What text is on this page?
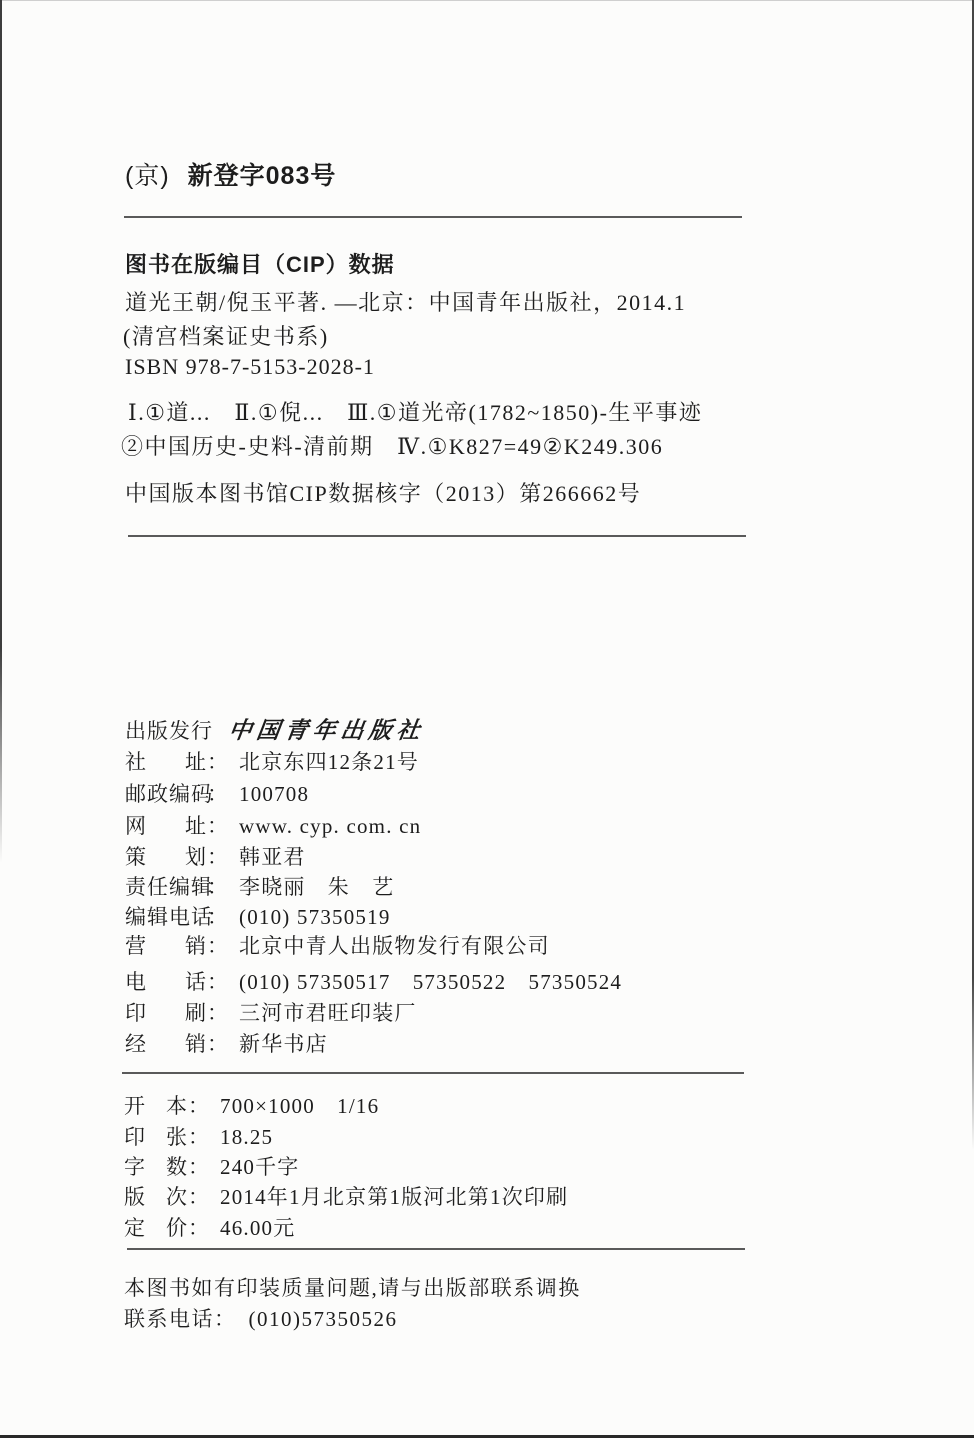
(京) 新登字083号
图书在版编目（CIP）数据
道光王朝/倪玉平著. —北京：中国青年出版社，2014.1
(清宫档案证史书系)
ISBN 978-7-5153-2028-1
Ⅰ.①道...　Ⅱ.①倪...　Ⅲ.①道光帝(1782~1850)-生平事迹
②中国历史-史料-清前期　Ⅳ.①K827=49②K249.306
中国版本图书馆CIP数据核字（2013）第266662号
出 版 发 行 中国青年出版社
社 址 ： 北京东四12条21号
邮 政 编 码
： 100708
网 址 ： www. cyp. com. cn
策 划 ： 韩亚君
责 任 编 辑
： 李晓丽　朱　艺
编 辑 电 话
： (010) 57350519
营 销 ： 北京中青人出版物发行有限公司
电 话 ： (010) 57350517　57350522　57350524
印 刷 ： 三河市君旺印装厂
经 销 ： 新华书店
开 本 ： 700×1000　1/16
印 张 ： 18.25
字 数 ： 240千字
版 次 ： 2014年1月北京第1版河北第1次印刷
定 价 ： 46.00元
本图书如有印装质量问题,请与出版部联系调换
联系电话： (010)57350526
